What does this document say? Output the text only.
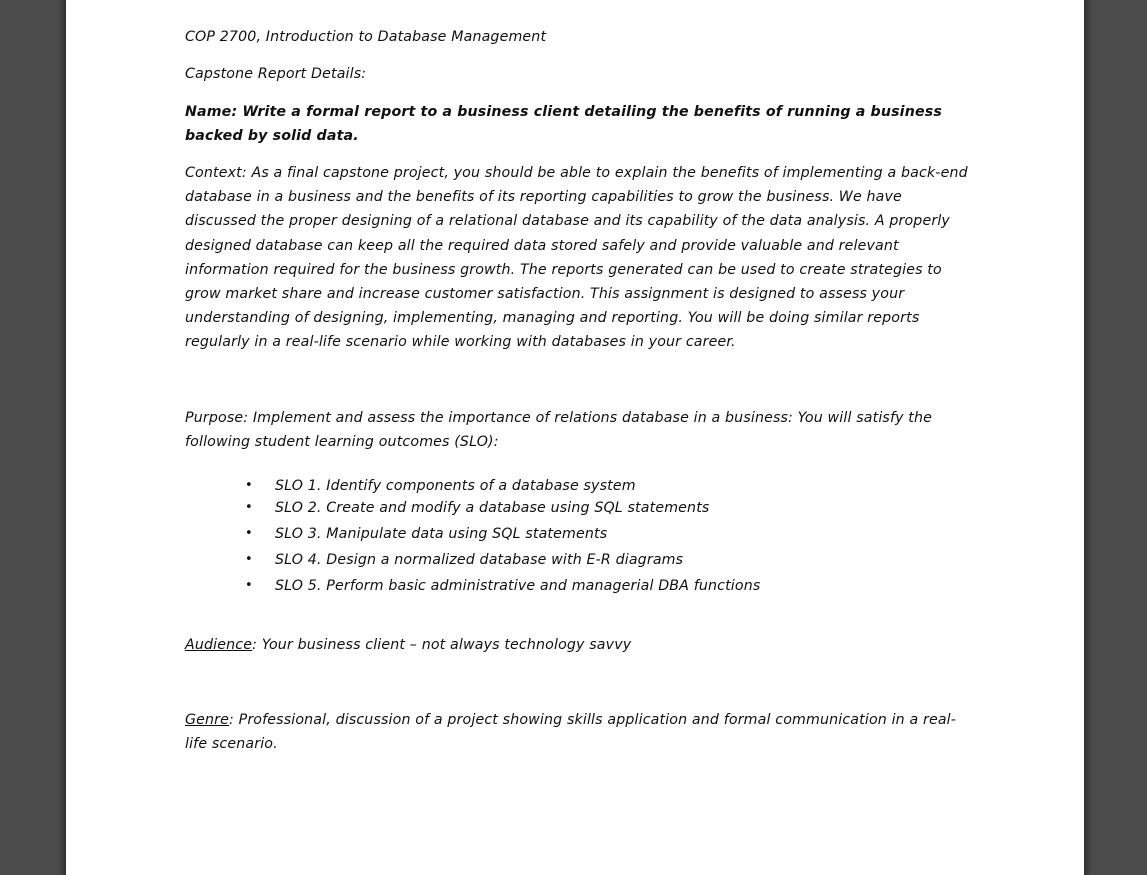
COP 2700, Introduction to Database Management
Capstone Report Details:
Name: Write a formal report to a business client detailing the benefits of running a business backed by solid data.
Context: As a final capstone project, you should be able to explain the benefits of implementing a back-end database in a business and the benefits of its reporting capabilities to grow the business. We have discussed the proper designing of a relational database and its capability of the data analysis. A properly designed database can keep all the required data stored safely and provide valuable and relevant information required for the business growth. The reports generated can be used to create strategies to grow market share and increase customer satisfaction. This assignment is designed to assess your understanding of designing, implementing, managing and reporting. You will be doing similar reports regularly in a real-life scenario while working with databases in your career.
Purpose: Implement and assess the importance of relations database in a business: You will satisfy the following student learning outcomes (SLO):
• SLO 1. Identify components of a database system
• SLO 2. Create and modify a database using SQL statements
• SLO 3. Manipulate data using SQL statements
• SLO 4. Design a normalized database with E-R diagrams
• SLO 5. Perform basic administrative and managerial DBA functions
Audience: Your business client – not always technology savvy
Genre: Professional, discussion of a project showing skills application and formal communication in a real-life scenario.
